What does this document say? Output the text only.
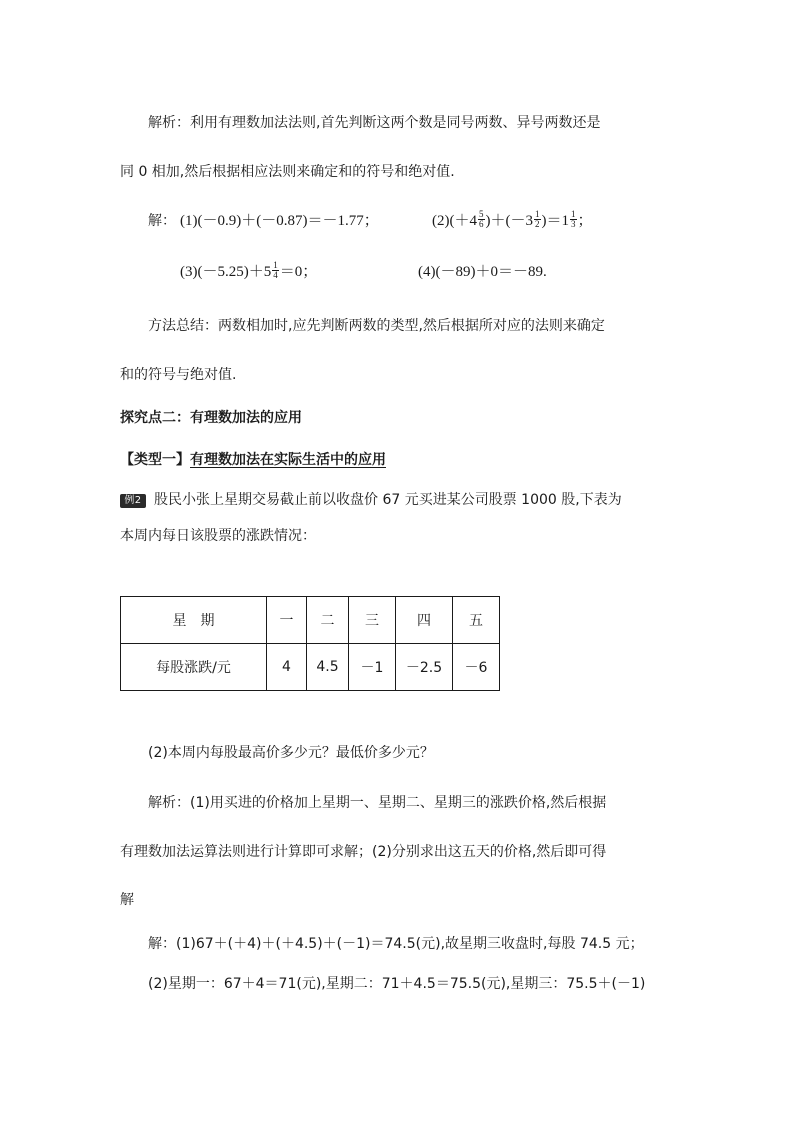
解析：利用有理数加法法则,首先判断这两个数是同号两数、异号两数还是
同 0 相加,然后根据相应法则来确定和的符号和绝对值.
解： (1)(－0.9)＋(－0.87)＝－1.77；	$(2)(+4 \frac{5}{6} )+(-3 \frac{1}{2} )=1 \frac{1}{3}$ ；
$(3)(-5.25)+5 \frac{1}{4} =0$；	(4)(－89)＋0＝－89.
方法总结：两数相加时,应先判断两数的类型,然后根据所对应的法则来确定
和的符号与绝对值.
探究点二：有理数加法的应用
【类型一】有理数加法在实际生活中的应用
例2 股民小张上星期交易截止前以收盘价 67 元买进某公司股票 1000 股,下表为
本周内每日该股票的涨跌情况：
星　期	一	二	三	四	五
每股涨跌/元	4	4.5	－1	－2.5	－6
(2)本周内每股最高价多少元？最低价多少元？
解析：(1)用买进的价格加上星期一、星期二、星期三的涨跌价格,然后根据
有理数加法运算法则进行计算即可求解；(2)分别求出这五天的价格,然后即可得
解
解：(1)67＋(＋4)＋(＋4.5)＋(－1)＝74.5(元),故星期三收盘时,每股 74.5 元；
(2)星期一：67＋4＝71(元),星期二：71＋4.5＝75.5(元),星期三：75.5＋(－1)
